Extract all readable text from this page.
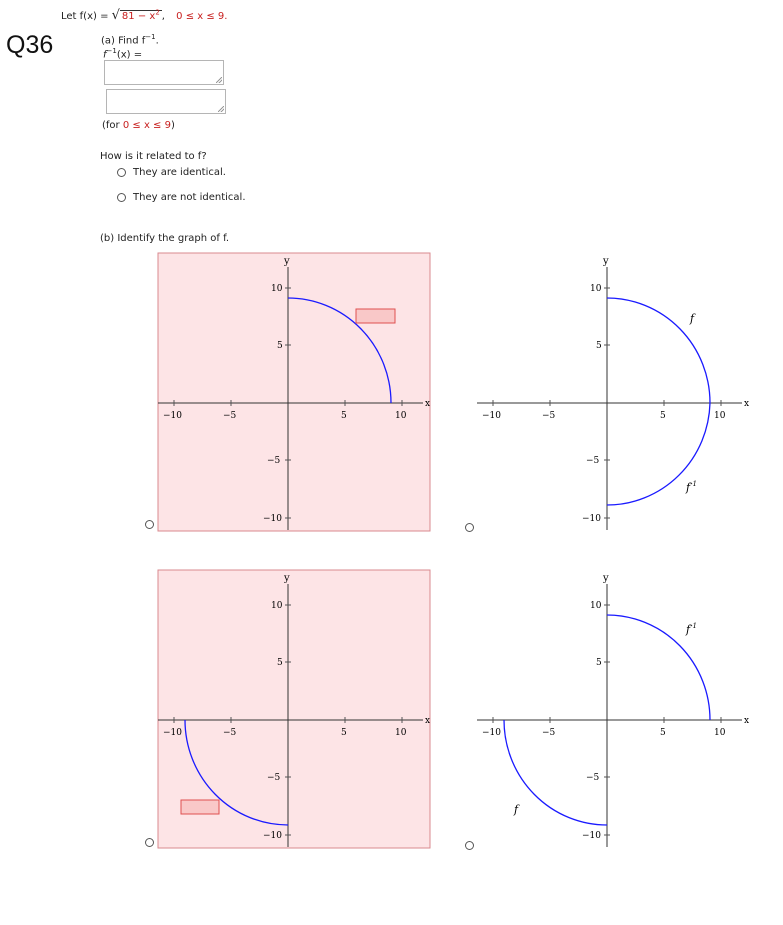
Q36
Let f(x) = √ $81 - x^2$ , 0 ≤ x ≤ 9.
(a) Find $f^{-1}$.
$f^{-1}(x)$ =
(for 0 ≤ x ≤ 9)
How is it related to f?
They are identical.
They are not identical.
(b) Identify the graph of f.
x
y
−10	−5	5	10
10
5
−5
−10
x
y
−10	−5	5	10
10
5
−5
−10
f
$f^{-1}$
x
y
−10	−5	5	10
10
5
−5
−10
x
y
−10	−5	5	10
10
5
−5
−10
$f^{-1}$
f
